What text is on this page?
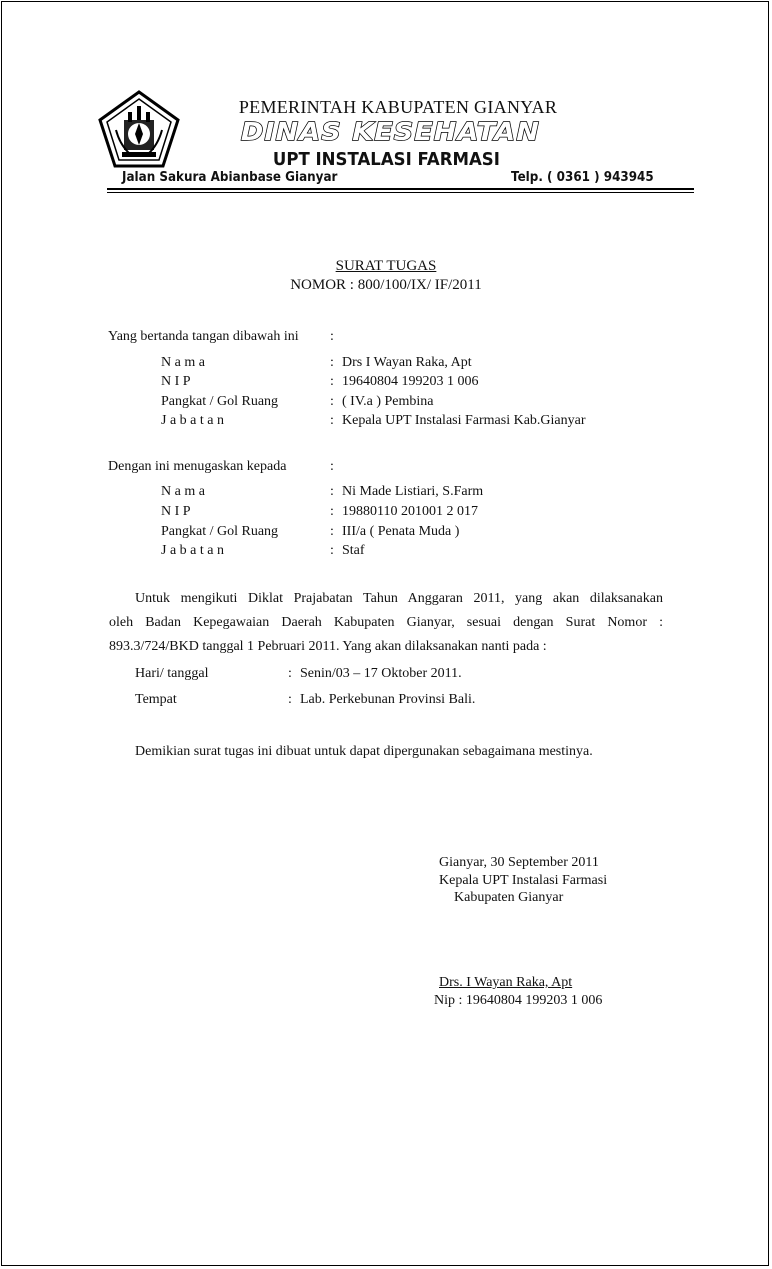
PEMERINTAH KABUPATEN GIANYAR
DINAS KESEHATAN
UPT INSTALASI FARMASI
Jalan Sakura Abianbase Gianyar	Telp. ( 0361 ) 943945
SURAT TUGAS
NOMOR : 800/100/IX/ IF/2011
Yang bertanda tangan dibawah ini :
N a m a	: Drs I Wayan Raka, Apt
N I P	: 19640804 199203 1 006
Pangkat / Gol Ruang	: ( IV.a ) Pembina
J a b a t a n	: Kepala UPT Instalasi Farmasi Kab.Gianyar
Dengan ini menugaskan kepada	:
N a m a	: Ni Made Listiari, S.Farm
N I P	: 19880110 201001 2 017
Pangkat / Gol Ruang	: III/a ( Penata Muda )
J a b a t a n	: Staf
Untuk mengikuti Diklat Prajabatan Tahun Anggaran 2011, yang akan dilaksanakan
oleh Badan Kepegawaian Daerah Kabupaten Gianyar, sesuai dengan Surat Nomor :
893.3/724/BKD tanggal 1 Pebruari 2011. Yang akan dilaksanakan nanti pada :
Hari/ tanggal	: Senin/03 – 17 Oktober 2011.
Tempat	: Lab. Perkebunan Provinsi Bali.
Demikian surat tugas ini dibuat untuk dapat dipergunakan sebagaimana mestinya.
Gianyar, 30 September 2011
Kepala UPT Instalasi Farmasi
Kabupaten Gianyar
Drs. I Wayan Raka, Apt
Nip : 19640804 199203 1 006
